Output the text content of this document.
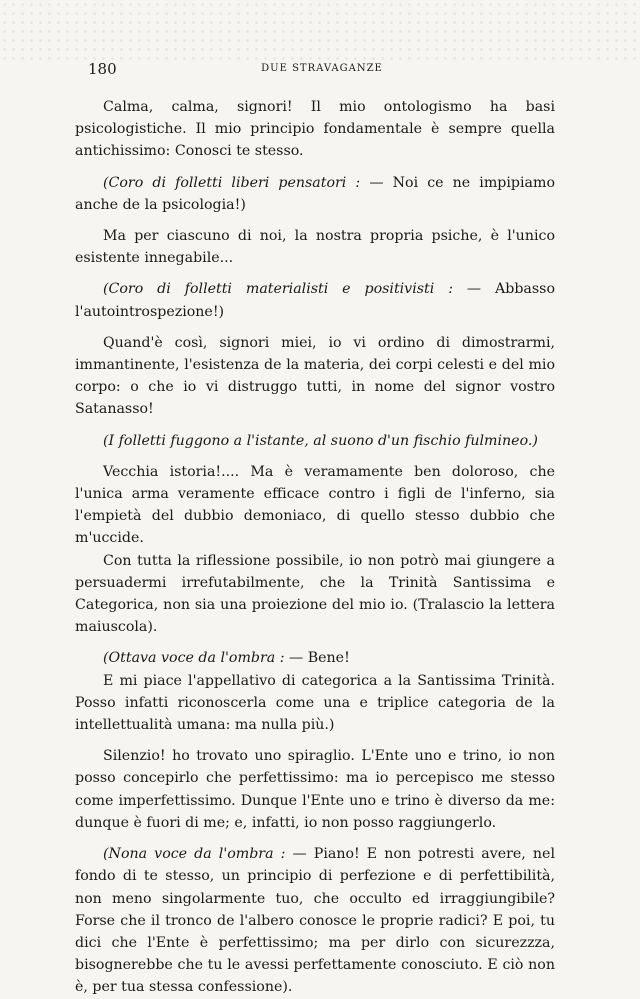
180	DUE STRAVAGANZE

Calma, calma, signori! Il mio ontologismo ha basi psicologistiche. Il mio principio fondamentale è sempre quella antichissimo: Conosci te stesso.

(Coro di folletti liberi pensatori : — Noi ce ne impipiamo anche de la psicologia!)

Ma per ciascuno di noi, la nostra propria psiche, è l'unico esistente innegabile...

(Coro di folletti materialisti e positivisti : — Abbasso l'autointrospezione!)

Quand'è così, signori miei, io vi ordino di dimostrarmi, immantinente, l'esistenza de la materia, dei corpi celesti e del mio corpo: o che io vi distruggo tutti, in nome del signor vostro Satanasso!

(I folletti fuggono a l'istante, al suono d'un fischio fulmineo.)

Vecchia istoria!.... Ma è veramamente ben doloroso, che l'unica arma veramente efficace contro i figli de l'inferno, sia l'empietà del dubbio demoniaco, di quello stesso dubbio che m'uccide.

Con tutta la riflessione possibile, io non potrò mai giungere a persuadermi irrefutabilmente, che la Trinità Santissima e Categorica, non sia una proiezione del mio io. (Tralascio la lettera maiuscola).

(Ottava voce da l'ombra : — Bene!

E mi piace l'appellativo di categorica a la Santissima Trinità. Posso infatti riconoscerla come una e triplice categoria de la intellettualità umana: ma nulla più.)

Silenzio! ho trovato uno spiraglio. L'Ente uno e trino, io non posso concepirlo che perfettissimo: ma io percepisco me stesso come imperfettissimo. Dunque l'Ente uno e trino è diverso da me: dunque è fuori di me; e, infatti, io non posso raggiungerlo.

(Nona voce da l'ombra : — Piano! E non potresti avere, nel fondo di te stesso, un principio di perfezione e di perfettibilità, non meno singolarmente tuo, che occulto ed irraggiungibile? Forse che il tronco de l'albero conosce le proprie radici? E poi, tu dici che l'Ente è perfettissimo; ma per dirlo con sicurezzza, bisognerebbe che tu le avessi perfettamente conosciuto. E ciò non è, per tua stessa confessione).
